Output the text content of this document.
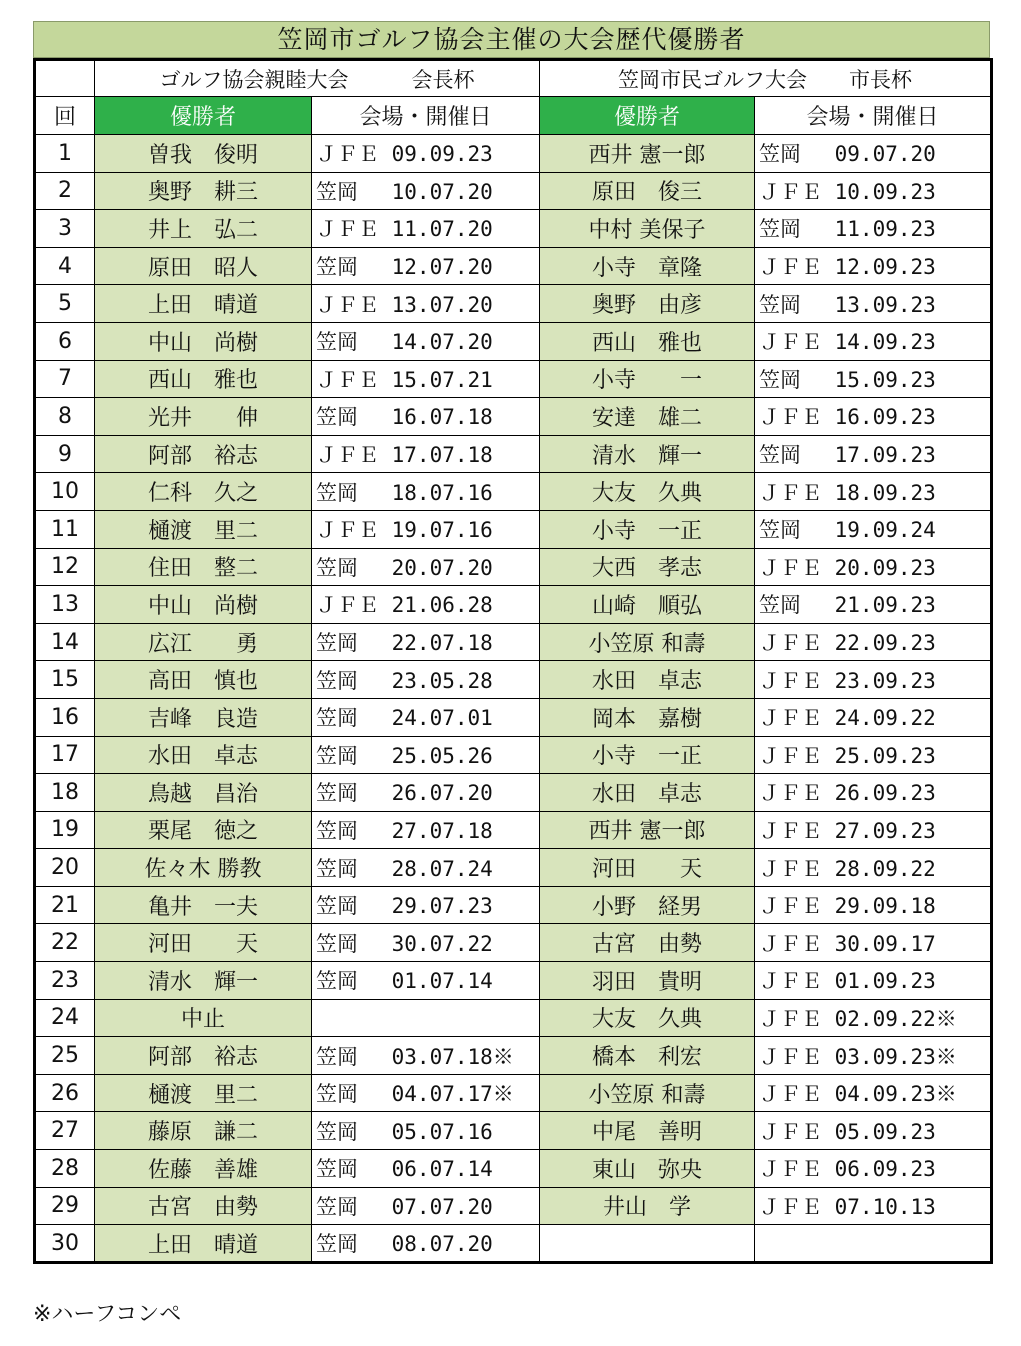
笠岡市ゴルフ協会主催の大会歴代優勝者
	ゴルフ協会親睦大会　　　会長杯		笠岡市民ゴルフ大会　　市長杯	
回	優勝者	会場・開催日	優勝者	会場・開催日
1	曽我　俊明	ＪＦＥ 09.09.23	西井 憲一郎	笠岡　 09.07.20
2	奥野　耕三	笠岡　 10.07.20	原田　俊三	ＪＦＥ 10.09.23
3	井上　弘二	ＪＦＥ 11.07.20	中村 美保子	笠岡　 11.09.23
4	原田　昭人	笠岡　 12.07.20	小寺　章隆	ＪＦＥ 12.09.23
5	上田　晴道	ＪＦＥ 13.07.20	奥野　由彦	笠岡　 13.09.23
6	中山　尚樹	笠岡　 14.07.20	西山　雅也	ＪＦＥ 14.09.23
7	西山　雅也	ＪＦＥ 15.07.21	小寺　　一	笠岡　 15.09.23
8	光井　　伸	笠岡　 16.07.18	安達　雄二	ＪＦＥ 16.09.23
9	阿部　裕志	ＪＦＥ 17.07.18	清水　輝一	笠岡　 17.09.23
10	仁科　久之	笠岡　 18.07.16	大友　久典	ＪＦＥ 18.09.23
11	樋渡　里二	ＪＦＥ 19.07.16	小寺　一正	笠岡　 19.09.24
12	住田　整二	笠岡　 20.07.20	大西　孝志	ＪＦＥ 20.09.23
13	中山　尚樹	ＪＦＥ 21.06.28	山崎　順弘	笠岡　 21.09.23
14	広江　　勇	笠岡　 22.07.18	小笠原 和壽	ＪＦＥ 22.09.23
15	高田　慎也	笠岡　 23.05.28	水田　卓志	ＪＦＥ 23.09.23
16	吉峰　良造	笠岡　 24.07.01	岡本　嘉樹	ＪＦＥ 24.09.22
17	水田　卓志	笠岡　 25.05.26	小寺　一正	ＪＦＥ 25.09.23
18	鳥越　昌治	笠岡　 26.07.20	水田　卓志	ＪＦＥ 26.09.23
19	栗尾　徳之	笠岡　 27.07.18	西井 憲一郎	ＪＦＥ 27.09.23
20	佐々木 勝教	笠岡　 28.07.24	河田　　天	ＪＦＥ 28.09.22
21	亀井　一夫	笠岡　 29.07.23	小野　経男	ＪＦＥ 29.09.18
22	河田　　天	笠岡　 30.07.22	古宮　由勢	ＪＦＥ 30.09.17
23	清水　輝一	笠岡　 01.07.14	羽田　貴明	ＪＦＥ 01.09.23
24	中止		大友　久典	ＪＦＥ 02.09.22※
25	阿部　裕志	笠岡　 03.07.18※	橋本　利宏	ＪＦＥ 03.09.23※
26	樋渡　里二	笠岡　 04.07.17※	小笠原 和壽	ＪＦＥ 04.09.23※
27	藤原　謙二	笠岡　 05.07.16	中尾　善明	ＪＦＥ 05.09.23
28	佐藤　善雄	笠岡　 06.07.14	東山　弥央	ＪＦＥ 06.09.23
29	古宮　由勢	笠岡　 07.07.20	井山　学	ＪＦＥ 07.10.13
30	上田　晴道	笠岡　 08.07.20		
※ハーフコンペ
